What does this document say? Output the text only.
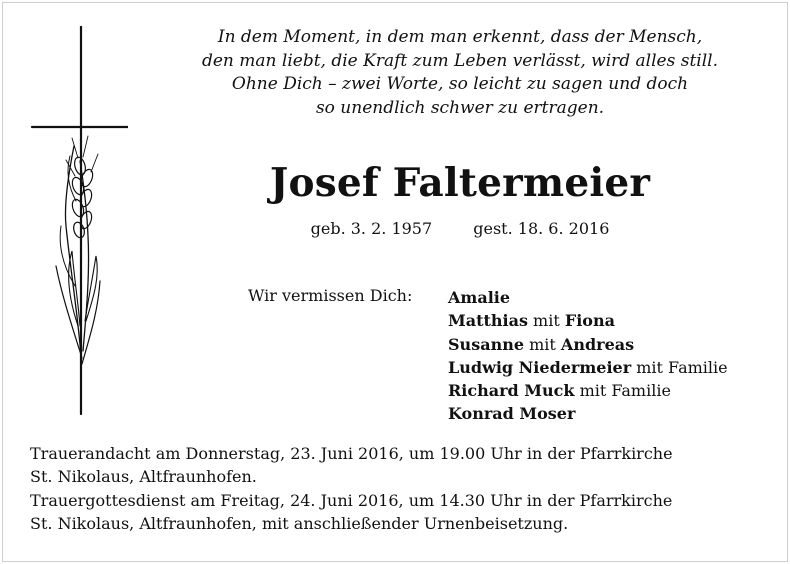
In dem Moment, in dem man erkennt, dass der Mensch,
den man liebt, die Kraft zum Leben verlässt, wird alles still.
Ohne Dich – zwei Worte, so leicht zu sagen und doch
so unendlich schwer zu ertragen.
Josef Faltermeier
geb. 3. 2. 1957	gest. 18. 6. 2016
Wir vermissen Dich: Amalie
Matthias mit Fiona
Susanne mit Andreas
Ludwig Niedermeier mit Familie
Richard Muck mit Familie
Konrad Moser
Trauerandacht am Donnerstag, 23. Juni 2016, um 19.00 Uhr in der Pfarrkirche
St. Nikolaus, Altfraunhofen.
Trauergottesdienst am Freitag, 24. Juni 2016, um 14.30 Uhr in der Pfarrkirche
St. Nikolaus, Altfraunhofen, mit anschließender Urnenbeisetzung.
